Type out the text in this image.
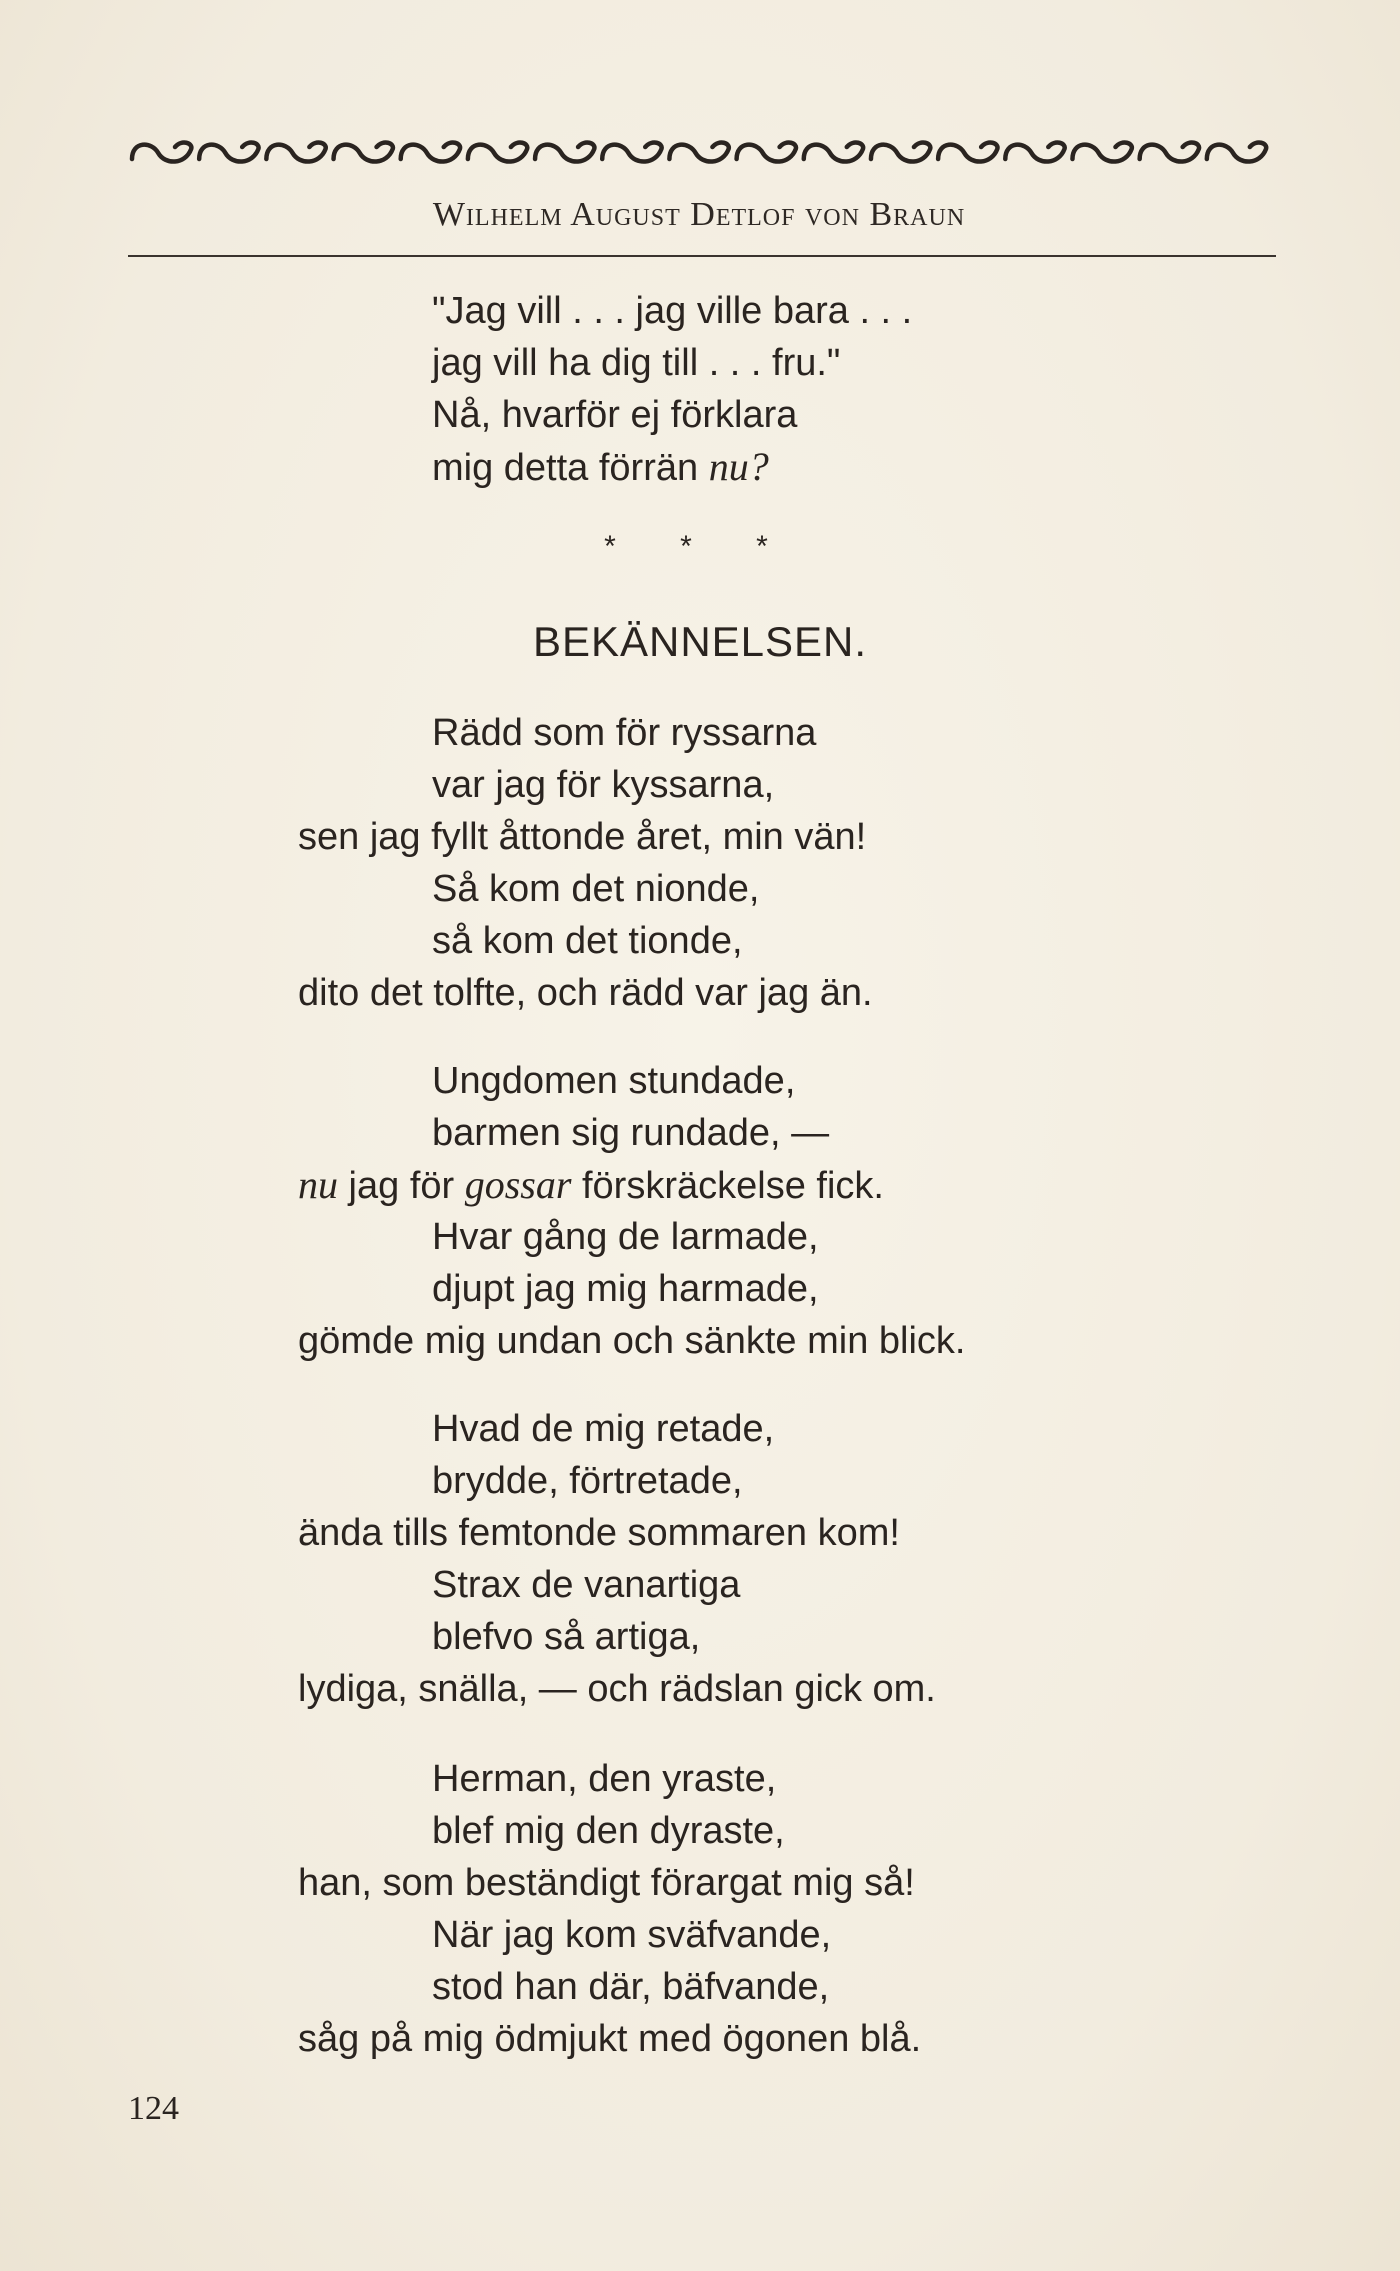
Wilhelm August Detlof von Braun
"Jag vill . . . jag ville bara . . .
jag vill ha dig till . . . fru."
Nå, hvarför ej förklara
mig detta förrän nu?
* * *
BEKÄNNELSEN.
Rädd som för ryssarna
var jag för kyssarna,
sen jag fyllt åttonde året, min vän!
Så kom det nionde,
så kom det tionde,
dito det tolfte, och rädd var jag än.
Ungdomen stundade,
barmen sig rundade, —
nu jag för gossar förskräckelse fick.
Hvar gång de larmade,
djupt jag mig harmade,
gömde mig undan och sänkte min blick.
Hvad de mig retade,
brydde, förtretade,
ända tills femtonde sommaren kom!
Strax de vanartiga
blefvo så artiga,
lydiga, snälla, — och rädslan gick om.
Herman, den yraste,
blef mig den dyraste,
han, som beständigt förargat mig så!
När jag kom sväfvande,
stod han där, bäfvande,
såg på mig ödmjukt med ögonen blå.
124
